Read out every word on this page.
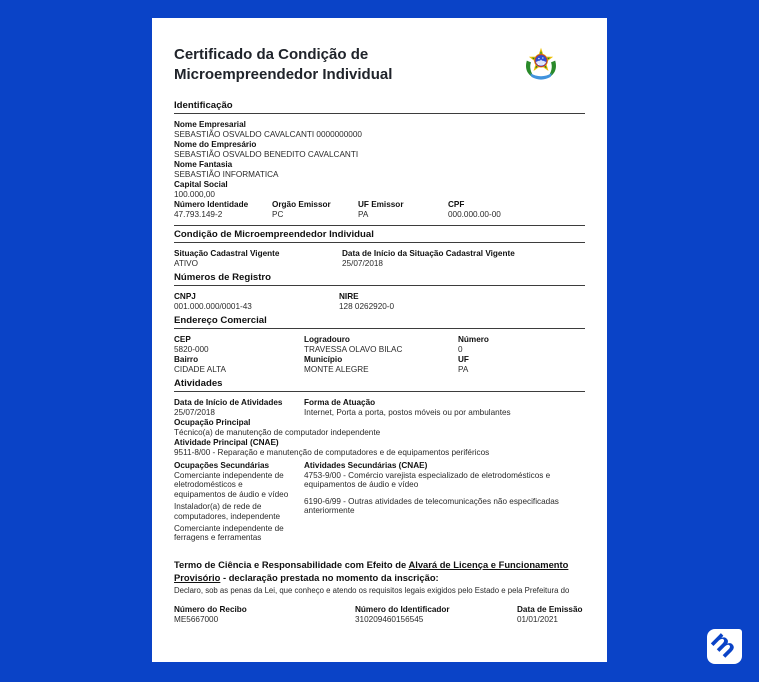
Certificado da Condição de Microempreendedor Individual
Identificação
Nome Empresarial
SEBASTIÃO OSVALDO CAVALCANTI 0000000000
Nome do Empresário
SEBASTIÃO OSVALDO BENEDITO CAVALCANTI
Nome Fantasia
SEBASTIÃO INFORMATICA
Capital Social
100.000,00
Número Identidade
47.793.149-2
Orgão Emissor
PC
UF Emissor
PA
CPF
000.000.00-00
Condição de Microempreendedor Individual
Situação Cadastral Vigente
ATIVO
Data de Início da Situação Cadastral Vigente
25/07/2018
Números de Registro
CNPJ
001.000.000/0001-43
NIRE
128 0262920-0
Endereço Comercial
CEP
5820-000
Logradouro
TRAVESSA OLAVO BILAC
Número
0
Bairro
CIDADE ALTA
Município
MONTE ALEGRE
UF
PA
Atividades
Data de Início de Atividades
25/07/2018
Forma de Atuação
Internet, Porta a porta, postos móveis ou por ambulantes
Ocupação Principal
Técnico(a) de manutenção de computador independente
Atividade Principal (CNAE)
9511-8/00 - Reparação e manutenção de computadores e de equipamentos periféricos
Ocupações Secundárias
Comerciante independente de eletrodomésticos e equipamentos de áudio e vídeo
Instalador(a) de rede de computadores, independente
Comerciante independente de ferragens e ferramentas
Atividades Secundárias (CNAE)
4753-9/00 - Comércio varejista especializado de eletrodomésticos e equipamentos de áudio e vídeo
6190-6/99 - Outras atividades de telecomunicações não especificadas anteriormente
Termo de Ciência e Responsabilidade com Efeito de Alvará de Licença e Funcionamento Provisório - declaração prestada no momento da inscrição:
Declaro, sob as penas da Lei, que conheço e atendo os requisitos legais exigidos pelo Estado e pela Prefeitura do
Número do Recibo
ME5667000
Número do Identificador
310209460156545
Data de Emissão
01/01/2021
m
